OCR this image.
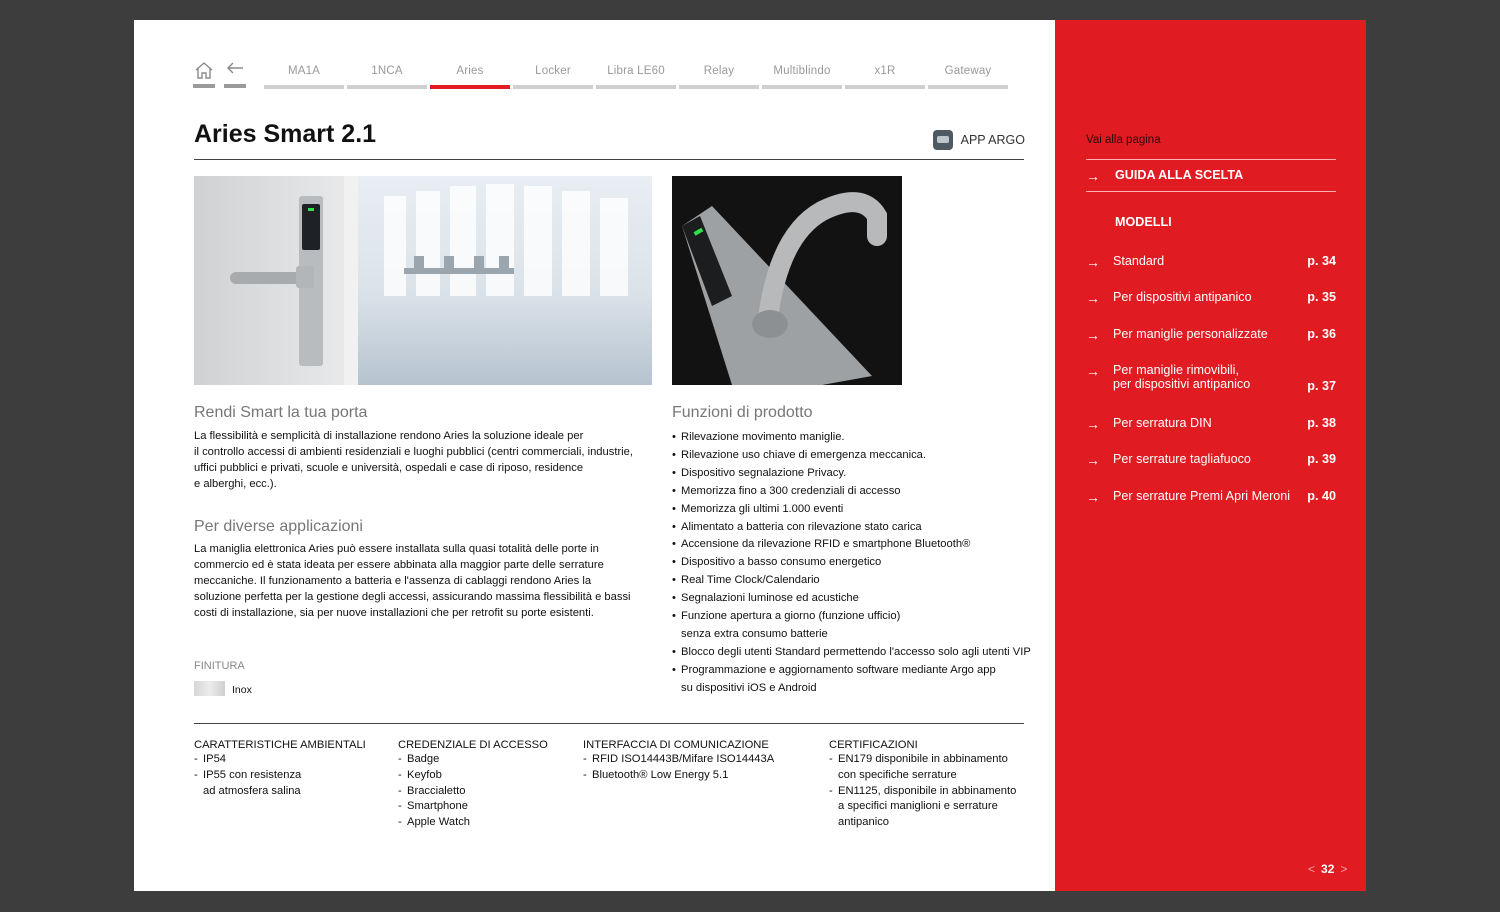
MA1A	1NCA	Aries	Locker	Libra LE60	Relay	Multiblindo	x1R	Gateway
Aries Smart 2.1	APP ARGO
Rendi Smart la tua porta
La flessibilità e semplicità di installazione rendono Aries la soluzione ideale per
il controllo accessi di ambienti residenziali e luoghi pubblici (centri commerciali, industrie,
uffici pubblici e privati, scuole e università, ospedali e case di riposo, residence
e alberghi, ecc.).
Per diverse applicazioni
La maniglia elettronica Aries può essere installata sulla quasi totalità delle porte in
commercio ed è stata ideata per essere abbinata alla maggior parte delle serrature
meccaniche. Il funzionamento a batteria e l'assenza di cablaggi rendono Aries la
soluzione perfetta per la gestione degli accessi, assicurando massima flessibilità e bassi
costi di installazione, sia per nuove installazioni che per retrofit su porte esistenti.
FINITURA
Inox
Funzioni di prodotto
• Rilevazione movimento maniglie.
• Rilevazione uso chiave di emergenza meccanica.
• Dispositivo segnalazione Privacy.
• Memorizza fino a 300 credenziali di accesso
• Memorizza gli ultimi 1.000 eventi
• Alimentato a batteria con rilevazione stato carica
• Accensione da rilevazione RFID e smartphone Bluetooth®
• Dispositivo a basso consumo energetico
• Real Time Clock/Calendario
• Segnalazioni luminose ed acustiche
• Funzione apertura a giorno (funzione ufficio)
senza extra consumo batterie
• Blocco degli utenti Standard permettendo l'accesso solo agli utenti VIP
• Programmazione e aggiornamento software mediante Argo app
su dispositivi iOS e Android
CARATTERISTICHE AMBIENTALI
- IP54
- IP55 con resistenza
ad atmosfera salina
CREDENZIALE DI ACCESSO
- Badge
- Keyfob
- Braccialetto
- Smartphone
- Apple Watch
INTERFACCIA DI COMUNICAZIONE
- RFID ISO14443B/Mifare ISO14443A
- Bluetooth® Low Energy 5.1
CERTIFICAZIONI
- EN179 disponibile in abbinamento
con specifiche serrature
- EN1125, disponibile in abbinamento
a specifici maniglioni e serrature
antipanico
Vai alla pagina
→ GUIDA ALLA SCELTA
MODELLI
→ Standard	p. 34
→ Per dispositivi antipanico	p. 35
→ Per maniglie personalizzate	p. 36
→ Per maniglie rimovibili,
per dispositivi antipanico	p. 37
→ Per serratura DIN	p. 38
→ Per serrature tagliafuoco	p. 39
→ Per serrature Premi Apri Meroni p. 40
< 32 >
